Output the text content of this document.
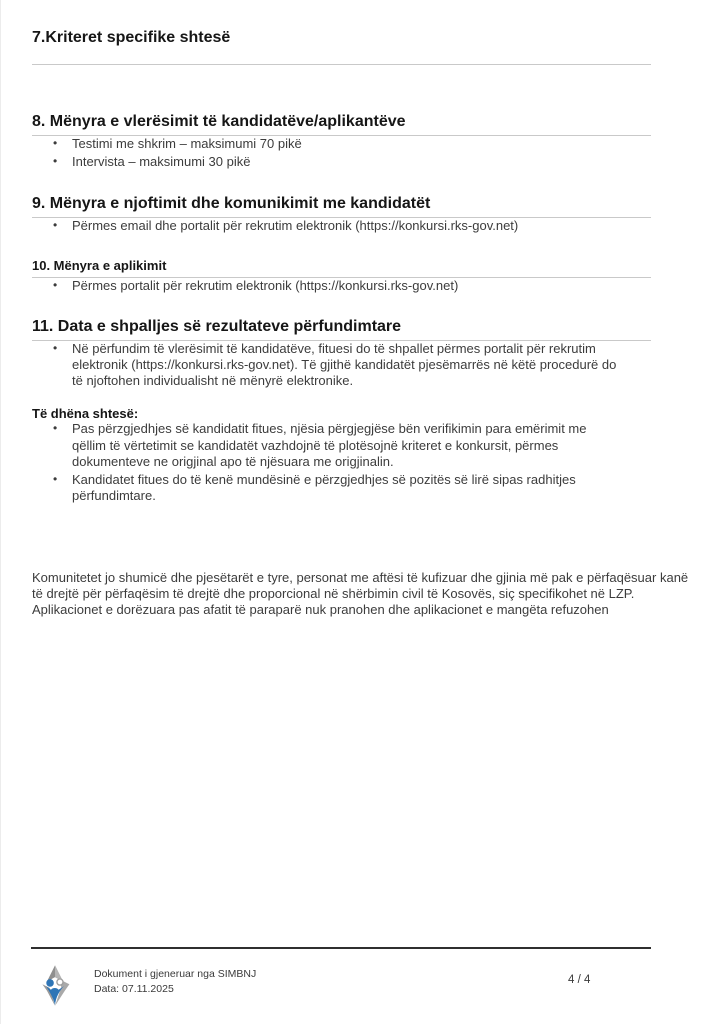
7.Kriteret specifike shtesë
8. Mënyra e vlerësimit të kandidatëve/aplikantëve
• Testimi me shkrim – maksimumi 70 pikë
• Intervista – maksimumi 30 pikë
9. Mënyra e njoftimit dhe komunikimit me kandidatët
• Përmes email dhe portalit për rekrutim elektronik (https://konkursi.rks-gov.net)
10. Mënyra e aplikimit
• Përmes portalit për rekrutim elektronik (https://konkursi.rks-gov.net)
11. Data e shpalljes së rezultateve përfundimtare
• Në përfundim të vlerësimit të kandidatëve, fituesi do të shpallet përmes portalit për rekrutim elektronik (https://konkursi.rks-gov.net). Të gjithë kandidatët pjesëmarrës në këtë procedurë do të njoftohen individualisht në mënyrë elektronike.
Të dhëna shtesë:
• Pas përzgjedhjes së kandidatit fitues, njësia përgjegjëse bën verifikimin para emërimit me qëllim të vërtetimit se kandidatët vazhdojnë të plotësojnë kriteret e konkursit, përmes dokumenteve ne origjinal apo të njësuara me origjinalin.
• Kandidatet fitues do të kenë mundësinë e përzgjedhjes së pozitës së lirë sipas radhitjes përfundimtare.

Komunitetet jo shumicë dhe pjesëtarët e tyre, personat me aftësi të kufizuar dhe gjinia më pak e përfaqësuar kanë të drejtë për përfaqësim të drejtë dhe proporcional në shërbimin civil të Kosovës, siç specifikohet në LZP. Aplikacionet e dorëzuara pas afatit të paraparë nuk pranohen dhe aplikacionet e mangëta refuzohen

Dokument i gjeneruar nga SIMBNJ
Data: 07.11.2025
4 / 4
